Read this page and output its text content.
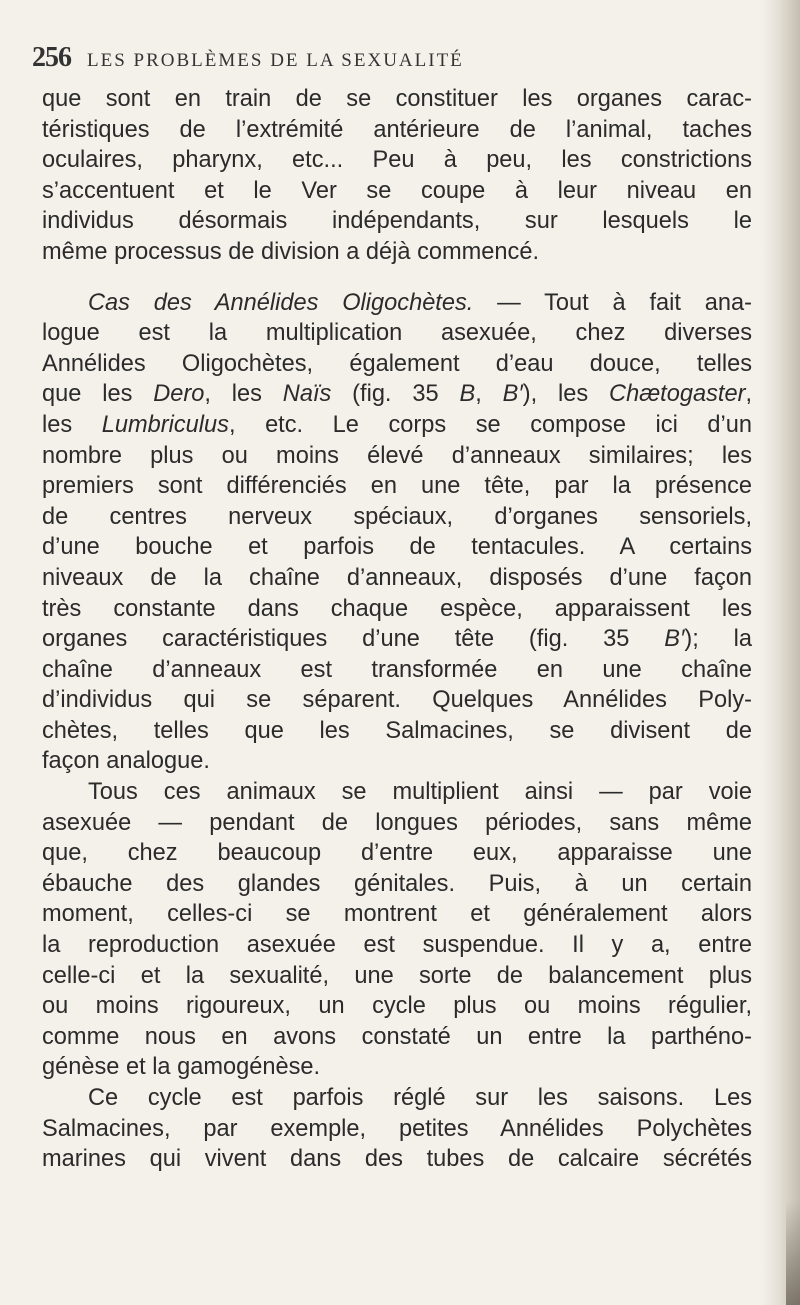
256 LES PROBLÈMES DE LA SEXUALITÉ
que sont en train de se constituer les organes carac-
téristiques de l’extrémité antérieure de l’animal, taches
oculaires, pharynx, etc... Peu à peu, les constrictions
s’accentuent et le Ver se coupe à leur niveau en
individus désormais indépendants, sur lesquels le
même processus de division a déjà commencé.
Cas des Annélides Oligochètes. — Tout à fait ana-
logue est la multiplication asexuée, chez diverses
Annélides Oligochètes, également d’eau douce, telles
que les Dero, les Naïs (fig. 35 B, B′), les Chætogaster,
les Lumbriculus, etc. Le corps se compose ici d’un
nombre plus ou moins élevé d’anneaux similaires; les
premiers sont différenciés en une tête, par la présence
de centres nerveux spéciaux, d’organes sensoriels,
d’une bouche et parfois de tentacules. A certains
niveaux de la chaîne d’anneaux, disposés d’une façon
très constante dans chaque espèce, apparaissent les
organes caractéristiques d’une tête (fig. 35 B′); la
chaîne d’anneaux est transformée en une chaîne
d’individus qui se séparent. Quelques Annélides Poly-
chètes, telles que les Salmacines, se divisent de
façon analogue.
Tous ces animaux se multiplient ainsi — par voie
asexuée — pendant de longues périodes, sans même
que, chez beaucoup d’entre eux, apparaisse une
ébauche des glandes génitales. Puis, à un certain
moment, celles-ci se montrent et généralement alors
la reproduction asexuée est suspendue. Il y a, entre
celle-ci et la sexualité, une sorte de balancement plus
ou moins rigoureux, un cycle plus ou moins régulier,
comme nous en avons constaté un entre la parthéno-
génèse et la gamogénèse.
Ce cycle est parfois réglé sur les saisons. Les
Salmacines, par exemple, petites Annélides Polychètes
marines qui vivent dans des tubes de calcaire sécrétés
